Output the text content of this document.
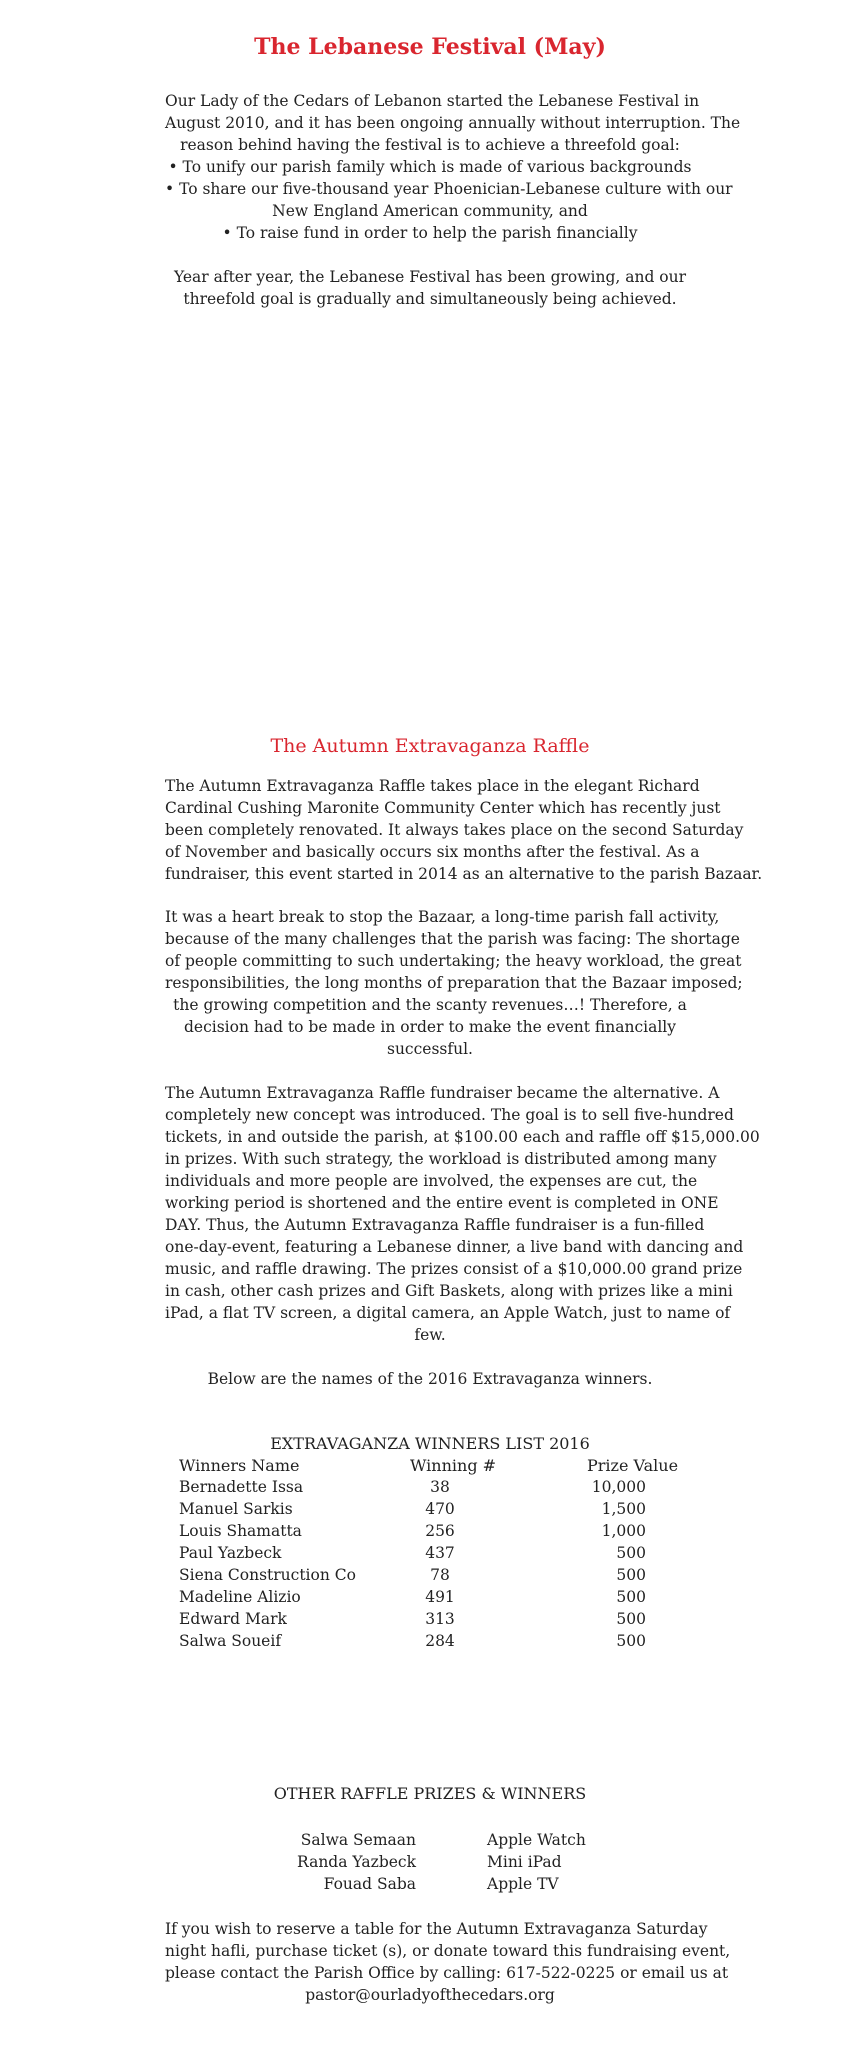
The Lebanese Festival (May)
Our Lady of the Cedars of Lebanon started the Lebanese Festival in
August 2010, and it has been ongoing annually without interruption. The
reason behind having the festival is to achieve a threefold goal:
• To unify our parish family which is made of various backgrounds
• To share our five-thousand year Phoenician-Lebanese culture with our
New England American community, and
• To raise fund in order to help the parish financially
Year after year, the Lebanese Festival has been growing, and our
threefold goal is gradually and simultaneously being achieved.
The Autumn Extravaganza Raffle
The Autumn Extravaganza Raffle takes place in the elegant Richard
Cardinal Cushing Maronite Community Center which has recently just
been completely renovated. It always takes place on the second Saturday
of November and basically occurs six months after the festival. As a
fundraiser, this event started in 2014 as an alternative to the parish Bazaar.
It was a heart break to stop the Bazaar, a long-time parish fall activity,
because of the many challenges that the parish was facing: The shortage
of people committing to such undertaking; the heavy workload, the great
responsibilities, the long months of preparation that the Bazaar imposed;
the growing competition and the scanty revenues…! Therefore, a
decision had to be made in order to make the event financially
successful.
The Autumn Extravaganza Raffle fundraiser became the alternative. A
completely new concept was introduced. The goal is to sell five-hundred
tickets, in and outside the parish, at $100.00 each and raffle off $15,000.00
in prizes. With such strategy, the workload is distributed among many
individuals and more people are involved, the expenses are cut, the
working period is shortened and the entire event is completed in ONE
DAY. Thus, the Autumn Extravaganza Raffle fundraiser is a fun-filled
one-day-event, featuring a Lebanese dinner, a live band with dancing and
music, and raffle drawing. The prizes consist of a $10,000.00 grand prize
in cash, other cash prizes and Gift Baskets, along with prizes like a mini
iPad, a flat TV screen, a digital camera, an Apple Watch, just to name of
few.
Below are the names of the 2016 Extravaganza winners.
EXTRAVAGANZA WINNERS LIST 2016
Winners Name	Winning #	Prize Value
Bernadette Issa	38	10,000
Manuel Sarkis	470	1,500
Louis Shamatta	256	1,000
Paul Yazbeck	437	500
Siena Construction Co	78	500
Madeline Alizio	491	500
Edward Mark	313	500
Salwa Soueif	284	500
OTHER RAFFLE PRIZES & WINNERS
Salwa Semaan	Apple Watch
Randa Yazbeck	Mini iPad
Fouad Saba	Apple TV
If you wish to reserve a table for the Autumn Extravaganza Saturday
night hafli, purchase ticket (s), or donate toward this fundraising event,
please contact the Parish Office by calling: 617-522-0225 or email us at
pastor@ourladyofthecedars.org
